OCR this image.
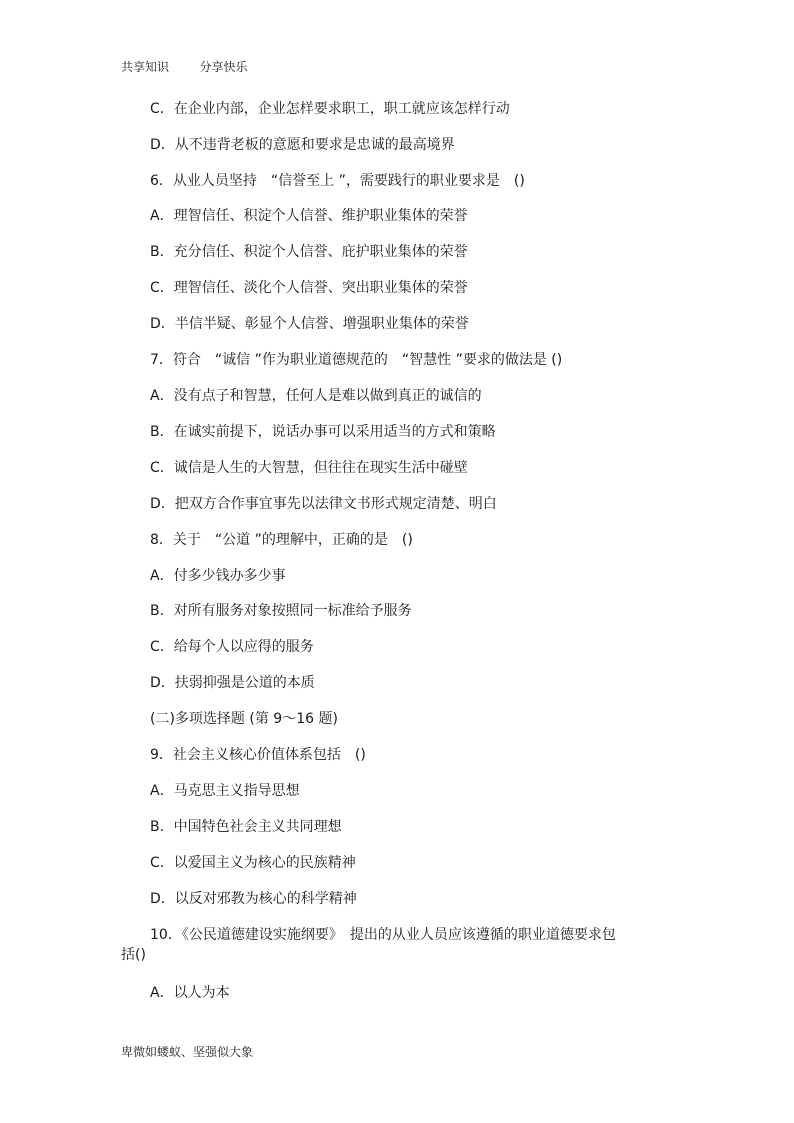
共享知识	分享快乐
C．在企业内部，企业怎样要求职工，职工就应该怎样行动
D．从不违背老板的意愿和要求是忠诚的最高境界
6．从业人员坚持　“信誉至上 ”，需要践行的职业要求是　()
A．理智信任、积淀个人信誉、维护职业集体的荣誉
B．充分信任、积淀个人信誉、庇护职业集体的荣誉
C．理智信任、淡化个人信誉、突出职业集体的荣誉
D．半信半疑、彰显个人信誉、增强职业集体的荣誉
7．符合　“诚信 ”作为职业道德规范的　“智慧性 ”要求的做法是 ()
A．没有点子和智慧，任何人是难以做到真正的诚信的
B．在诚实前提下，说话办事可以采用适当的方式和策略
C．诚信是人生的大智慧，但往往在现实生活中碰壁
D．把双方合作事宜事先以法律文书形式规定清楚、明白
8．关于　“公道 ”的理解中，正确的是　()
A．付多少钱办多少事
B．对所有服务对象按照同一标准给予服务
C．给每个人以应得的服务
D．扶弱抑强是公道的本质
(二)多项选择题 (第 9～16 题)
9．社会主义核心价值体系包括　()
A．马克思主义指导思想
B．中国特色社会主义共同理想
C．以爱国主义为核心的民族精神
D．以反对邪教为核心的科学精神
10．《公民道德建设实施纲要》　提出的从业人员应该遵循的职业道德要求包
括()
A．以人为本
卑微如蝼蚁、坚强似大象
